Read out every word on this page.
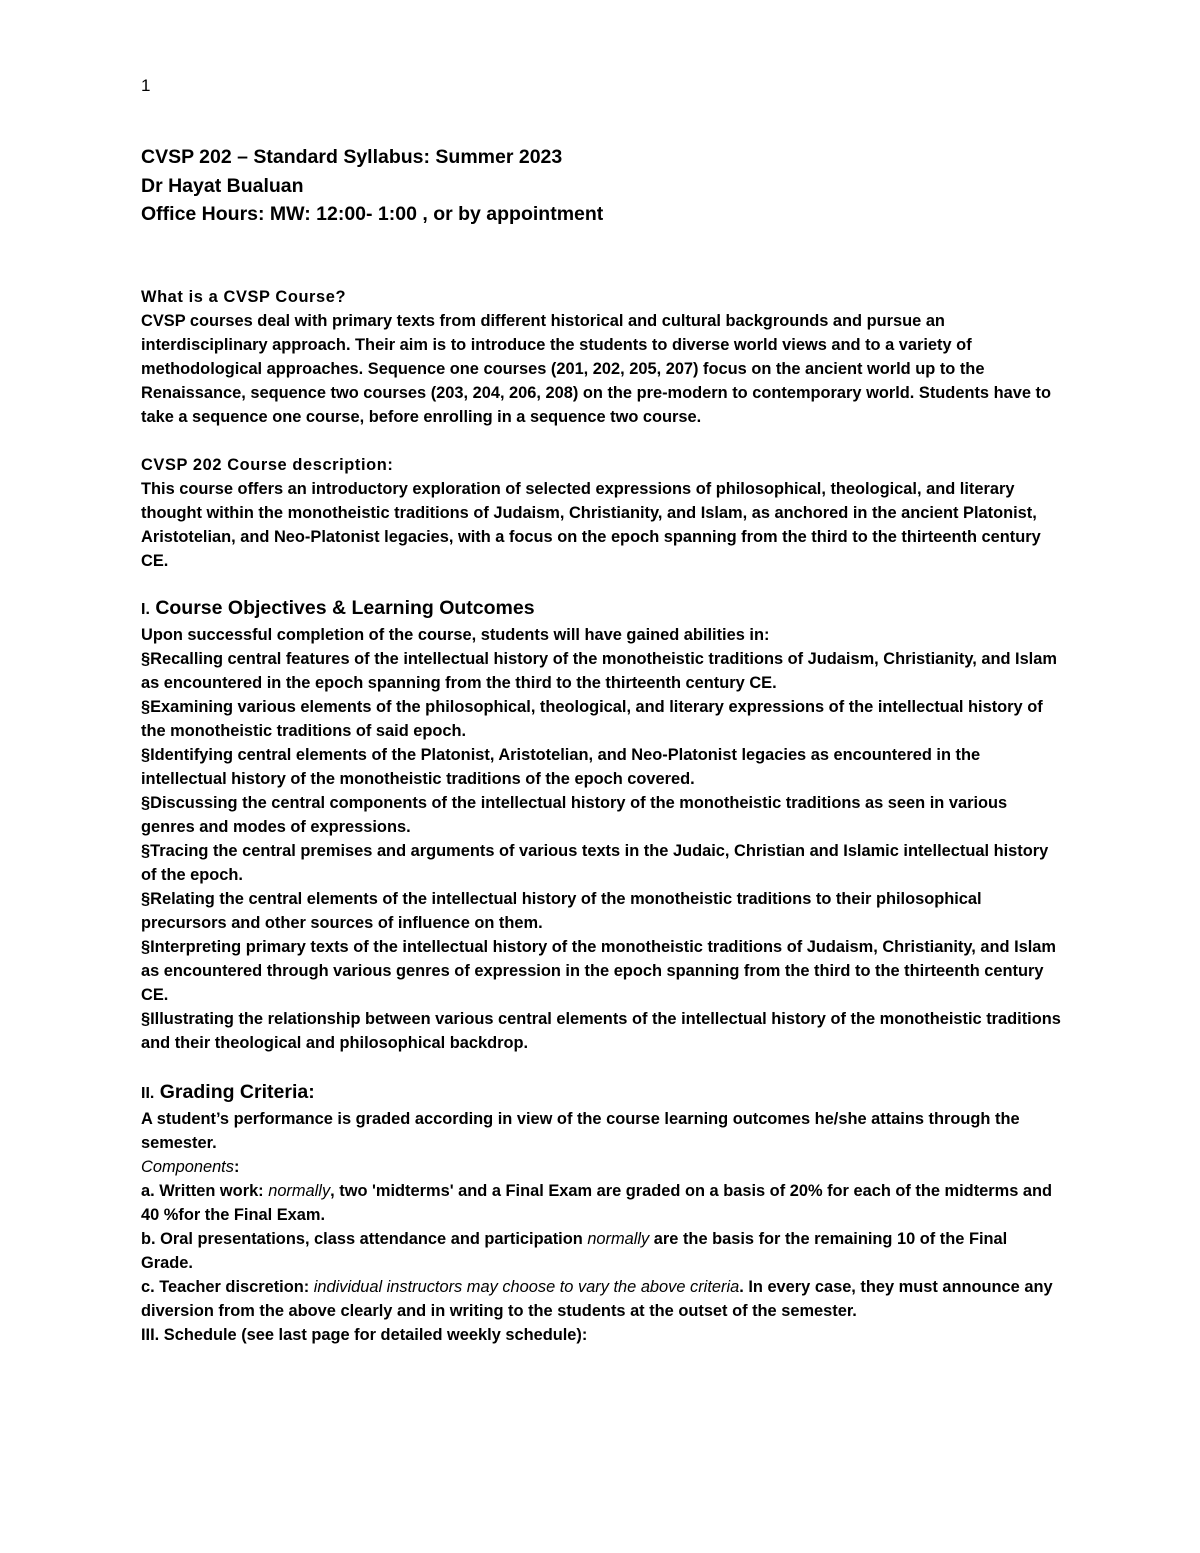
1
CVSP 202 – Standard Syllabus: Summer 2023
Dr Hayat Bualuan
Office Hours: MW: 12:00- 1:00 , or by appointment
What is a CVSP Course?

CVSP courses deal with primary texts from different historical and cultural backgrounds and pursue an interdisciplinary approach. Their aim is to introduce the students to diverse world views and to a variety of methodological approaches. Sequence one courses (201, 202, 205, 207) focus on the ancient world up to the Renaissance, sequence two courses (203, 204, 206, 208) on the pre-modern to contemporary world. Students have to take a sequence one course, before enrolling in a sequence two course.

CVSP 202 Course description:

This course offers an introductory exploration of selected expressions of philosophical, theological, and literary thought within the monotheistic traditions of Judaism, Christianity, and Islam, as anchored in the ancient Platonist, Aristotelian, and Neo-Platonist legacies, with a focus on the epoch spanning from the third to the thirteenth century CE.

I. Course Objectives & Learning Outcomes

Upon successful completion of the course, students will have gained abilities in:

§Recalling central features of the intellectual history of the monotheistic traditions of Judaism, Christianity, and Islam as encountered in the epoch spanning from the third to the thirteenth century CE.

§Examining various elements of the philosophical, theological, and literary expressions of the intellectual history of the monotheistic traditions of said epoch.

§Identifying central elements of the Platonist, Aristotelian, and Neo-Platonist legacies as encountered in the intellectual history of the monotheistic traditions of the epoch covered.

§Discussing the central components of the intellectual history of the monotheistic traditions as seen in various genres and modes of expressions.

§Tracing the central premises and arguments of various texts in the Judaic, Christian and Islamic intellectual history of the epoch.

§Relating the central elements of the intellectual history of the monotheistic traditions to their philosophical precursors and other sources of influence on them.

§Interpreting primary texts of the intellectual history of the monotheistic traditions of Judaism, Christianity, and Islam as encountered through various genres of expression in the epoch spanning from the third to the thirteenth century CE.

§Illustrating the relationship between various central elements of the intellectual history of the monotheistic traditions and their theological and philosophical backdrop.

II. Grading Criteria:

A student’s performance is graded according in view of the course learning outcomes he/she attains through the semester.

Components:

a. Written work: normally, two 'midterms' and a Final Exam are graded on a basis of 20% for each of the midterms and 40 %for the Final Exam.

b. Oral presentations, class attendance and participation normally are the basis for the remaining 10 of the Final Grade.

c. Teacher discretion: individual instructors may choose to vary the above criteria. In every case, they must announce any diversion from the above clearly and in writing to the students at the outset of the semester.

III. Schedule (see last page for detailed weekly schedule):
